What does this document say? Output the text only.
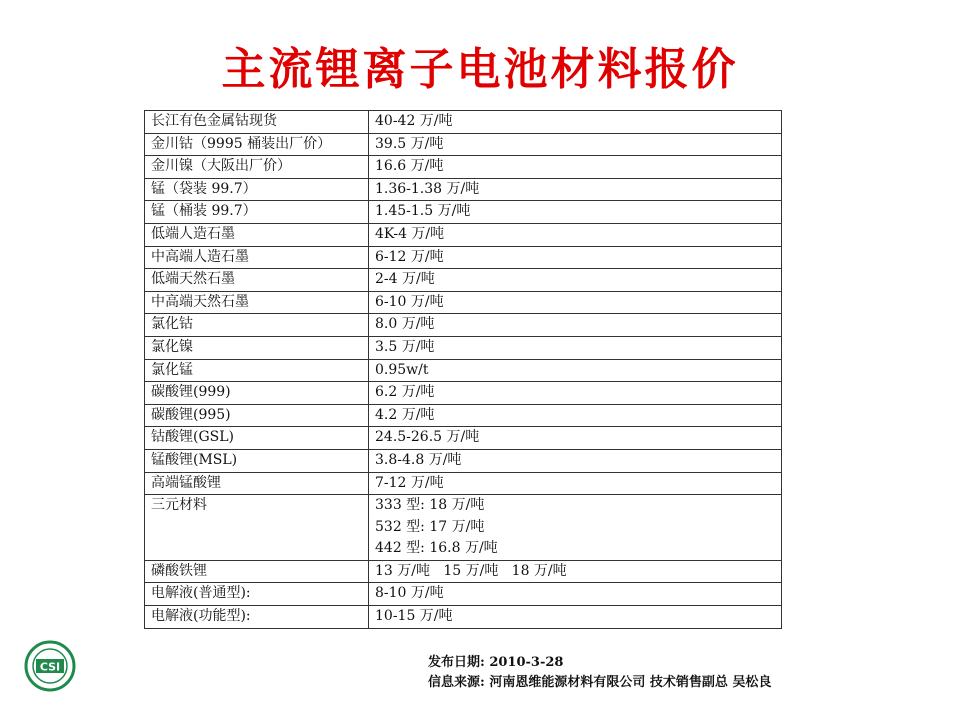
主流锂离子电池材料报价
长江有色金属钴现货	40-42 万/吨
金川钴（9995 桶装出厂价）	39.5 万/吨
金川镍（大阪出厂价）	16.6 万/吨
锰（袋装 99.7）	1.36-1.38 万/吨
锰（桶装 99.7）	1.45-1.5 万/吨
低端人造石墨	4K-4 万/吨
中高端人造石墨	6-12 万/吨
低端天然石墨	2-4 万/吨
中高端天然石墨	6-10 万/吨
氯化钴	8.0 万/吨
氯化镍	3.5 万/吨
氯化锰	0.95w/t
碳酸锂(999)	6.2 万/吨
碳酸锂(995)	4.2 万/吨
钴酸锂(GSL)	24.5-26.5 万/吨
锰酸锂(MSL)	3.8-4.8 万/吨
高端锰酸锂	7-12 万/吨
三元材料	333 型: 18 万/吨
532 型: 17 万/吨
442 型: 16.8 万/吨

磷酸铁锂	13 万/吨   15 万/吨   18 万/吨
电解液(普通型):	8-10 万/吨
电解液(功能型):	10-15 万/吨
CSI	发布日期: 2010-3-28
信息来源: 河南恩维能源材料有限公司 技术销售副总 吴松良
